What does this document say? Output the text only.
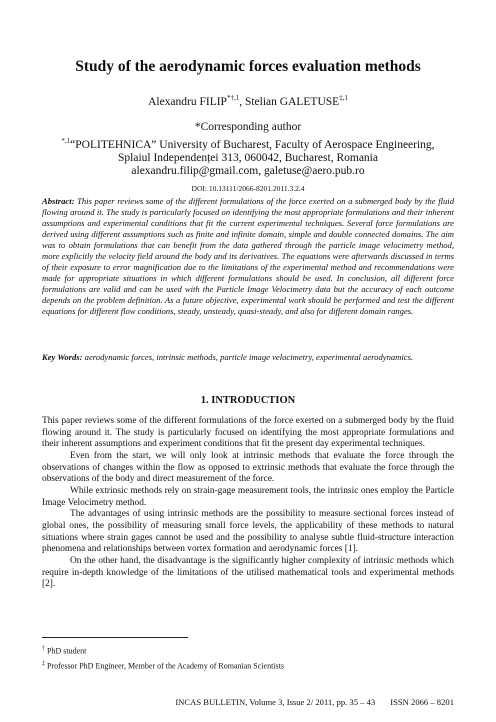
Study of the aerodynamic forces evaluation methods
Alexandru $FILIP^{*\dagger,1}$, Stelian $GALETUSE^{\ddagger,1}$
*Corresponding author
$^{*,1}$“POLITEHNICA” University of Bucharest, Faculty of Aerospace Engineering,
Splaiul Independenței 313, 060042, Bucharest, Romania
alexandru.filip@gmail.com, galetuse@aero.pub.ro
DOI: 10.13111/2066-8201.2011.3.2.4
Abstract: This paper reviews some of the different formulations of the force exerted on a submerged body by the fluid flowing around it. The study is particularly focused on identifying the most appropriate formulations and their inherent assumptions and experimental conditions that fit the current experimental techniques. Several force formulations are derived using different assumptions such as finite and infinite domain, simple and double connected domains. The aim was to obtain formulations that can benefit from the data gathered through the particle image velocimetry method, more explicitly the velocity field around the body and its derivatives. The equations were afterwards discussed in terms of their exposure to error magnification due to the limitations of the experimental method and recommendations were made for appropriate situations in which different formulations should be used. In conclusion, all different force formulations are valid and can be used with the Particle Image Velocimetry data but the accuracy of each outcome depends on the problem definition. As a future objective, experimental work should be performed and test the different equations for different flow conditions, steady, unsteady, quasi-steady, and also for different domain ranges.
Key Words: aerodynamic forces, intrinsic methods, particle image velocimetry, experimental aerodynamics.
1. INTRODUCTION

This paper reviews some of the different formulations of the force exerted on a submerged body by the fluid flowing around it. The study is particularly focused on identifying the most appropriate formulations and their inherent assumptions and experiment conditions that fit the present day experimental techniques.

Even from the start, we will only look at intrinsic methods that evaluate the force through the observations of changes within the flow as opposed to extrinsic methods that evaluate the force through the observations of the body and direct measurement of the force.

While extrinsic methods rely on strain-gage measurement tools, the intrinsic ones employ the Particle Image Velocimetry method.

The advantages of using intrinsic methods are the possibility to measure sectional forces instead of global ones, the possibility of measuring small force levels, the applicability of these methods to natural situations where strain gages cannot be used and the possibility to analyse subtle fluid-structure interaction phenomena and relationships between vortex formation and aerodynamic forces [1].

On the other hand, the disadvantage is the significantly higher complexity of intrinsic methods which require in-depth knowledge of the limitations of the utilised mathematical tools and experimental methods [2].

† PhD student
‡ Professor PhD Engineer, Member of the Academy of Romanian Scientists
INCAS BULLETIN, Volume 3, Issue 2/ 2011, pp. 35 – 43 ISSN 2066 – 8201
